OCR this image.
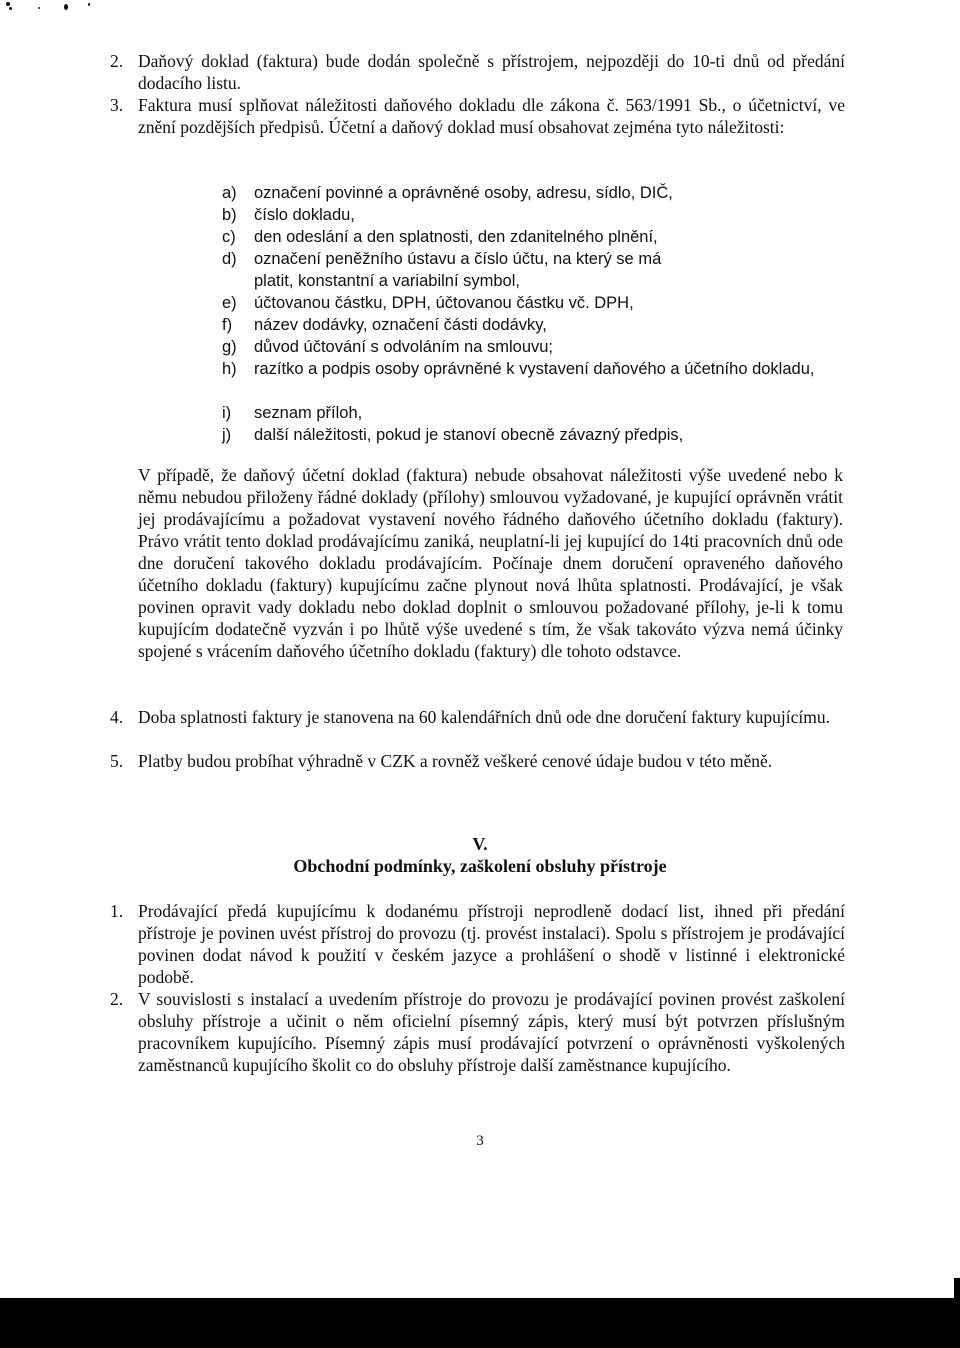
2. Daňový doklad (faktura) bude dodán společně s přístrojem, nejpozději do 10-ti dnů od předání dodacího listu.
3. Faktura musí splňovat náležitosti daňového dokladu dle zákona č. 563/1991 Sb., o účetnictví, ve znění pozdějších předpisů. Účetní a daňový doklad musí obsahovat zejména tyto náležitosti:
a) označení povinné a oprávněné osoby, adresu, sídlo, DIČ,
b) číslo dokladu,
c) den odeslání a den splatnosti, den zdanitelného plnění,
d) označení peněžního ústavu a číslo účtu, na který se má platit, konstantní a variabilní symbol,
e) účtovanou částku, DPH, účtovanou částku vč. DPH,
f) název dodávky, označení části dodávky,
g) důvod účtování s odvoláním na smlouvu;
h) razítko a podpis osoby oprávněné k vystavení daňového a účetního dokladu,
i) seznam příloh,
j) další náležitosti, pokud je stanoví obecně závazný předpis,
V případě, že daňový účetní doklad (faktura) nebude obsahovat náležitosti výše uvedené nebo k němu nebudou přiloženy řádné doklady (přílohy) smlouvou vyžadované, je kupující oprávněn vrátit jej prodávajícímu a požadovat vystavení nového řádného daňového účetního dokladu (faktury). Právo vrátit tento doklad prodávajícímu zaniká, neuplatní-li jej kupující do 14ti pracovních dnů ode dne doručení takového dokladu prodávajícím. Počínaje dnem doručení opraveného daňového účetního dokladu (faktury) kupujícímu začne plynout nová lhůta splatnosti. Prodávající, je však povinen opravit vady dokladu nebo doklad doplnit o smlouvou požadované přílohy, je-li k tomu kupujícím dodatečně vyzván i po lhůtě výše uvedené s tím, že však takováto výzva nemá účinky spojené s vrácením daňového účetního dokladu (faktury) dle tohoto odstavce.
4. Doba splatnosti faktury je stanovena na 60 kalendářních dnů ode dne doručení faktury kupujícímu.
5. Platby budou probíhat výhradně v CZK a rovněž veškeré cenové údaje budou v této měně.
V.
Obchodní podmínky, zaškolení obsluhy přístroje
1. Prodávající předá kupujícímu k dodanému přístroji neprodleně dodací list, ihned při předání přístroje je povinen uvést přístroj do provozu (tj. provést instalaci). Spolu s přístrojem je prodávající povinen dodat návod k použití v českém jazyce a prohlášení o shodě v listinné i elektronické podobě.
2. V souvislosti s instalací a uvedením přístroje do provozu je prodávající povinen provést zaškolení obsluhy přístroje a učinit o něm oficielní písemný zápis, který musí být potvrzen příslušným pracovníkem kupujícího. Písemný zápis musí prodávající potvrzení o oprávněnosti vyškolených zaměstnanců kupujícího školit co do obsluhy přístroje další zaměstnance kupujícího.
3
